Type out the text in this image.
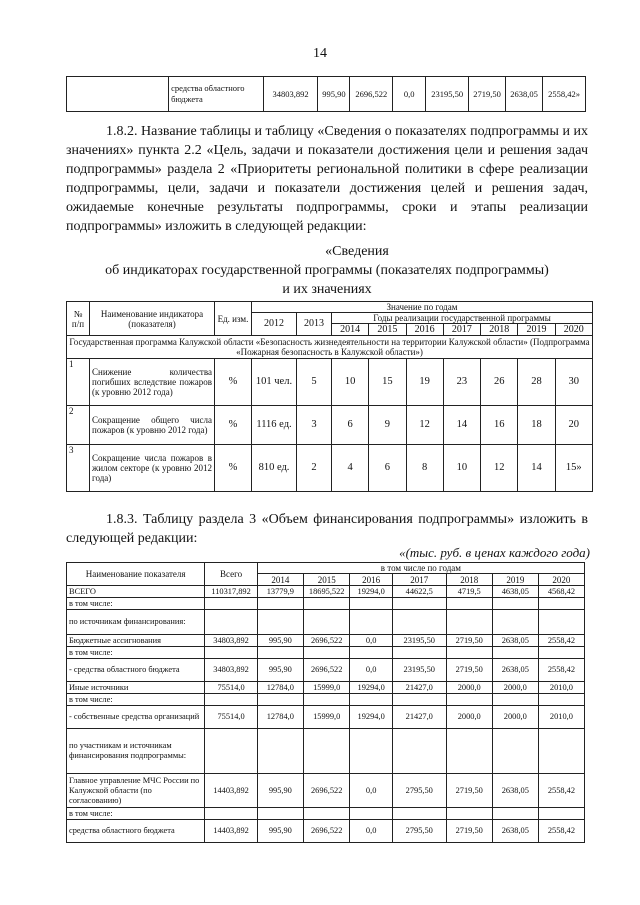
14
	средства областного бюджета	34803,892	995,90	2696,522	0,0	23195,50	2719,50	2638,05	2558,42»
1.8.2. Название таблицы и таблицу «Сведения о показателях подпрограммы и их значениях» пункта 2.2 «Цель, задачи и показатели достижения цели и решения задач подпрограммы» раздела 2 «Приоритеты региональной политики в сфере реализации подпрограммы, цели, задачи и показатели достижения целей и решения задач, ожидаемые конечные результаты подпрограммы, сроки и этапы реализации подпрограммы» изложить в следующей редакции:
«Сведения
об индикаторах государственной программы (показателях подпрограммы)
и их значениях
№ п/п	Наименование индикатора (показателя)	Ед. изм.	Значение по годам								
			2012	2013	Годы реализации государственной программы						
					2014	2015	2016	2017	2018	2019	2020
Государственная программа Калужской области «Безопасность жизнедеятельности на территории Калужской области» (Подпрограмма «Пожарная безопасность в Калужской области»)											
1	Снижение количества погибших вследствие пожаров (к уровню 2012 года)	%	101 чел.	5	10	15	19	23	26	28	30
2	Сокращение общего числа пожаров (к уровню 2012 года)	%	1116 ед.	3	6	9	12	14	16	18	20
3	Сокращение числа пожаров в жилом секторе (к уровню 2012 года)	%	810 ед.	2	4	6	8	10	12	14	15»
1.8.3. Таблицу раздела 3 «Объем финансирования подпрограммы» изложить в следующей редакции:
«(тыс. руб. в ценах каждого года)
Наименование показателя	Всего	в том числе по годам						
		2014	2015	2016	2017	2018	2019	2020
ВСЕГО	110317,892	13779,9	18695,522	19294,0	44622,5	4719,5	4638,05	4568,42
в том числе:								
по источникам финансирования:								
Бюджетные ассигнования	34803,892	995,90	2696,522	0,0	23195,50	2719,50	2638,05	2558,42
в том числе:								
- средства областного бюджета	34803,892	995,90	2696,522	0,0	23195,50	2719,50	2638,05	2558,42
Иные источники	75514,0	12784,0	15999,0	19294,0	21427,0	2000,0	2000,0	2010,0
в том числе:								
- собственные средства организаций	75514,0	12784,0	15999,0	19294,0	21427,0	2000,0	2000,0	2010,0
по участникам и источникам финансирования подпрограммы:								
Главное управление МЧС России по Калужской области (по согласованию)	14403,892	995,90	2696,522	0,0	2795,50	2719,50	2638,05	2558,42
в том числе:								
средства областного бюджета	14403,892	995,90	2696,522	0,0	2795,50	2719,50	2638,05	2558,42
